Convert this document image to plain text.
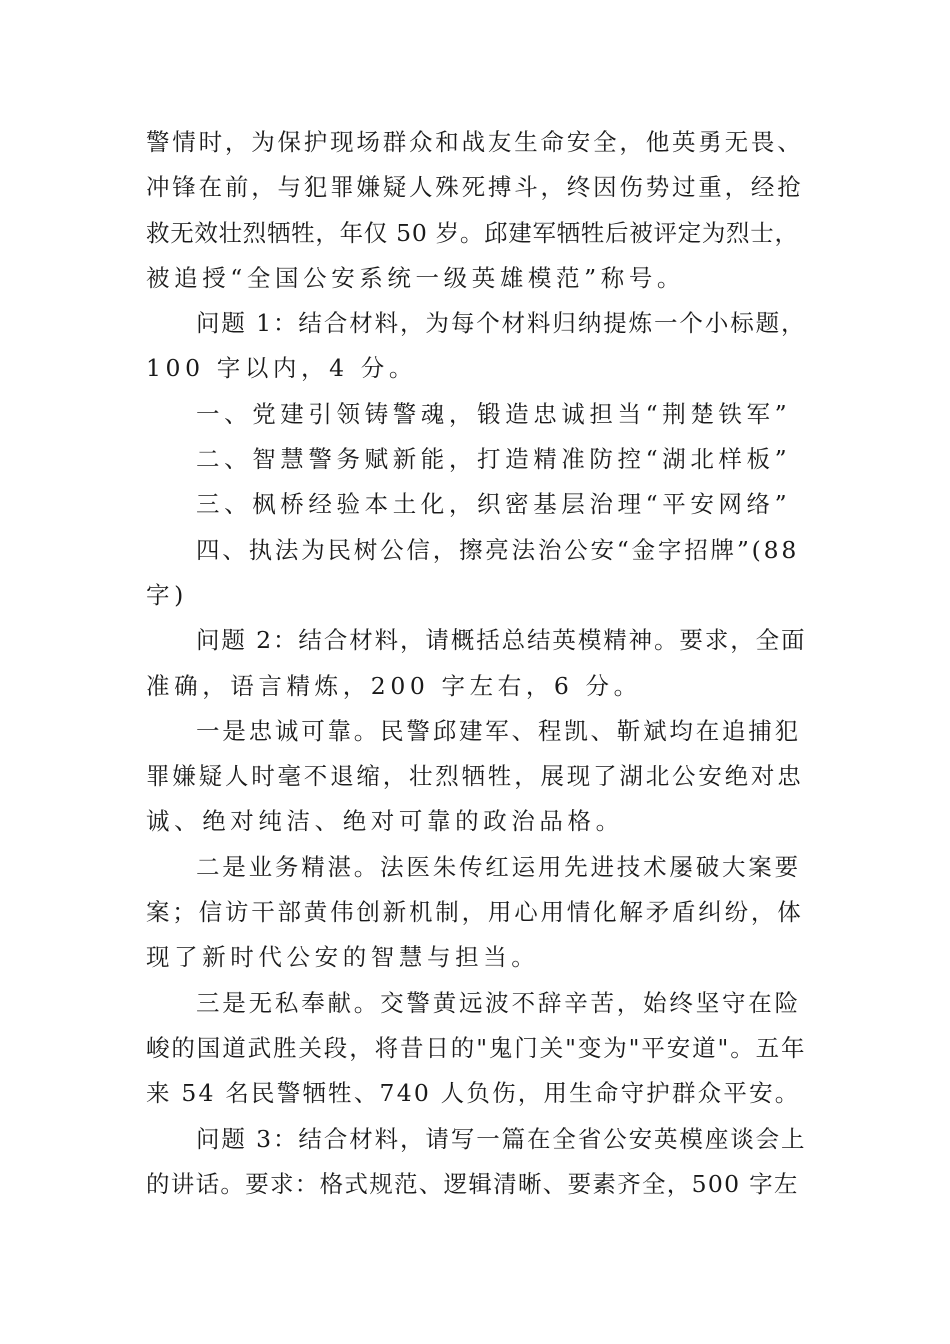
警情时，为保护现场群众和战友生命安全，他英勇无畏、
冲锋在前，与犯罪嫌疑人殊死搏斗，终因伤势过重，经抢
救无效壮烈牺牲，年仅 50 岁。邱建军牺牲后被评定为烈士，
被追授“全国公安系统一级英雄模范”称号。
问题 1：结合材料，为每个材料归纳提炼一个小标题，
100 字以内，4 分。
一、党建引领铸警魂，锻造忠诚担当“荆楚铁军”
二、智慧警务赋新能，打造精准防控“湖北样板”
三、枫桥经验本土化，织密基层治理“平安网络”
四、执法为民树公信，擦亮法治公安“金字招牌”(88
字)
问题 2：结合材料，请概括总结英模精神。要求，全面
准确，语言精炼，200 字左右，6 分。
一是忠诚可靠。民警邱建军、程凯、靳斌均在追捕犯
罪嫌疑人时毫不退缩，壮烈牺牲，展现了湖北公安绝对忠
诚、绝对纯洁、绝对可靠的政治品格。
二是业务精湛。法医朱传红运用先进技术屡破大案要
案；信访干部黄伟创新机制，用心用情化解矛盾纠纷，体
现了新时代公安的智慧与担当。
三是无私奉献。交警黄远波不辞辛苦，始终坚守在险
峻的国道武胜关段，将昔日的"鬼门关"变为"平安道"。五年
来 54 名民警牺牲、740 人负伤，用生命守护群众平安。
问题 3：结合材料，请写一篇在全省公安英模座谈会上
的讲话。要求：格式规范、逻辑清晰、要素齐全，500 字左
